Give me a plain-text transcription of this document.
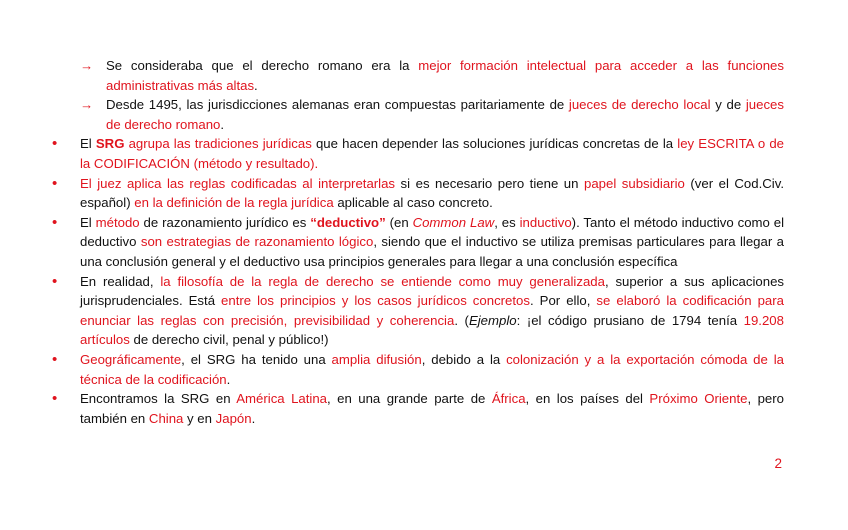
→ Se consideraba que el derecho romano era la mejor formación intelectual para acceder a las funciones administrativas más altas.
→ Desde 1495, las jurisdicciones alemanas eran compuestas paritariamente de jueces de derecho local y de jueces de derecho romano.
• El SRG agrupa las tradiciones jurídicas que hacen depender las soluciones jurídicas concretas de la ley ESCRITA o de la CODIFICACIÓN (método y resultado).
• El juez aplica las reglas codificadas al interpretarlas si es necesario pero tiene un papel subsidiario (ver el Cod.Civ. español) en la definición de la regla jurídica aplicable al caso concreto.
• El método de razonamiento jurídico es “deductivo” (en Common Law, es inductivo). Tanto el método inductivo como el deductivo son estrategias de razonamiento lógico, siendo que el inductivo se utiliza premisas particulares para llegar a una conclusión general y el deductivo usa principios generales para llegar a una conclusión específica
• En realidad, la filosofía de la regla de derecho se entiende como muy generalizada, superior a sus aplicaciones jurisprudenciales. Está entre los principios y los casos jurídicos concretos. Por ello, se elaboró la codificación para enunciar las reglas con precisión, previsibilidad y coherencia. (Ejemplo: ¡el código prusiano de 1794 tenía 19.208 artículos de derecho civil, penal y público!)
• Geográficamente, el SRG ha tenido una amplia difusión, debido a la colonización y a la exportación cómoda de la técnica de la codificación.
• Encontramos la SRG en América Latina, en una grande parte de África, en los países del Próximo Oriente, pero también en China y en Japón.
2
